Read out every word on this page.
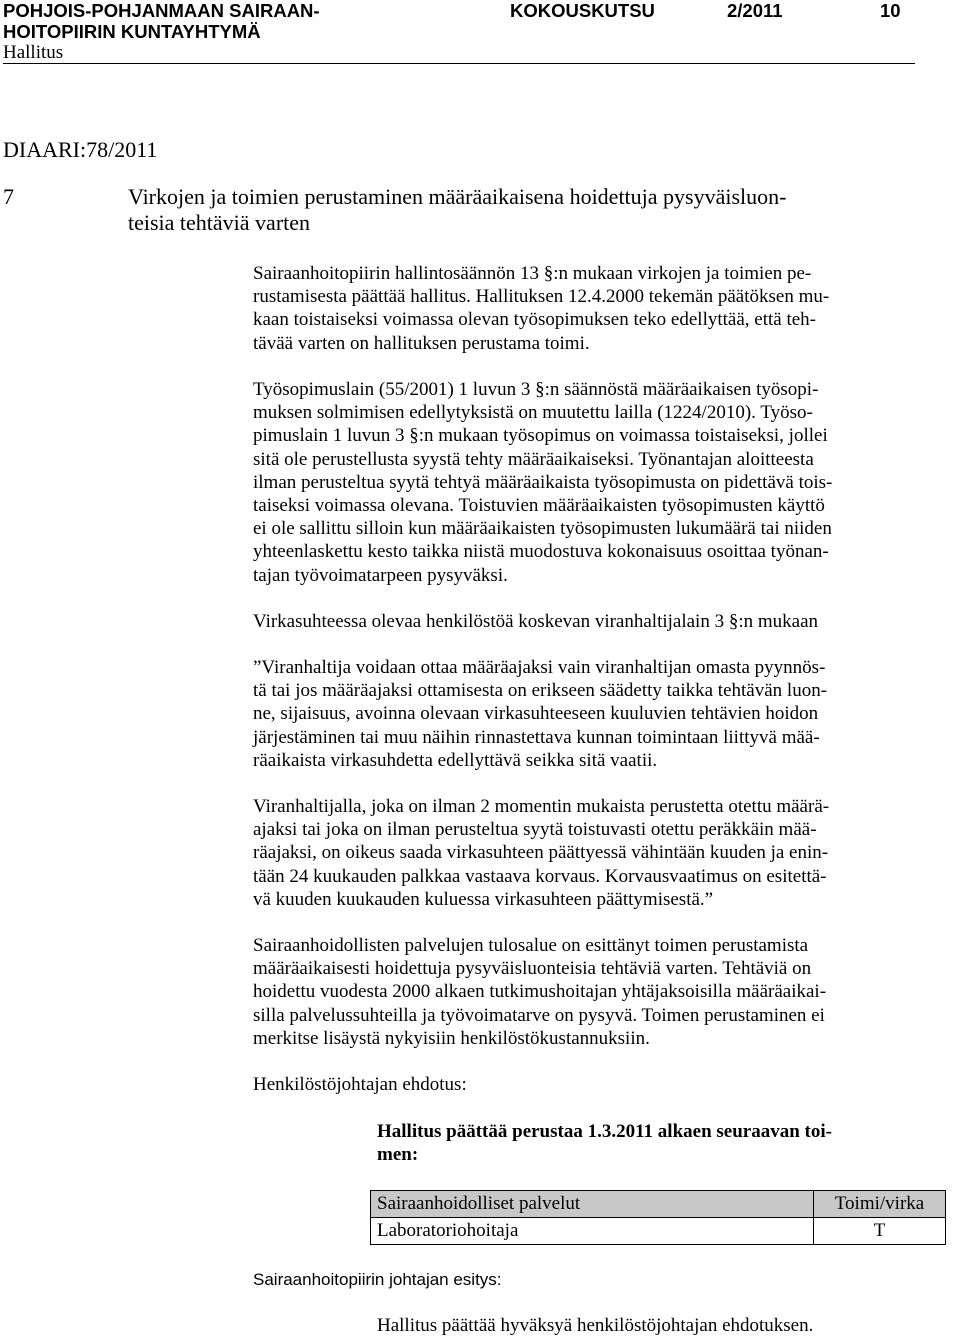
POHJOIS-POHJANMAAN SAIRAAN-
HOITOPIIRIN KUNTAYHTYMÄ
KOKOUSKUTSU	2/2011	10
Hallitus
DIAARI:78/2011
7	Virkojen ja toimien perustaminen määräaikaisena hoidettuja pysyväisluon-
teisia tehtäviä varten
Sairaanhoitopiirin hallintosäännön 13 §:n mukaan virkojen ja toimien pe-
rustamisesta päättää hallitus. Hallituksen 12.4.2000 tekemän päätöksen mu-
kaan toistaiseksi voimassa olevan työsopimuksen teko edellyttää, että teh-
tävää varten on hallituksen perustama toimi.
Työsopimuslain (55/2001) 1 luvun 3 §:n säännöstä määräaikaisen työsopi-
muksen solmimisen edellytyksistä on muutettu lailla (1224/2010). Työso-
pimuslain 1 luvun 3 §:n mukaan työsopimus on voimassa toistaiseksi, jollei
sitä ole perustellusta syystä tehty määräaikaiseksi. Työnantajan aloitteesta
ilman perusteltua syytä tehtyä määräaikaista työsopimusta on pidettävä tois-
taiseksi voimassa olevana. Toistuvien määräaikaisten työsopimusten käyttö
ei ole sallittu silloin kun määräaikaisten työsopimusten lukumäärä tai niiden
yhteenlaskettu kesto taikka niistä muodostuva kokonaisuus osoittaa työnan-
tajan työvoimatarpeen pysyväksi.
Virkasuhteessa olevaa henkilöstöä koskevan viranhaltijalain 3 §:n mukaan
”Viranhaltija voidaan ottaa määräajaksi vain viranhaltijan omasta pyynnös-
tä tai jos määräajaksi ottamisesta on erikseen säädetty taikka tehtävän luon-
ne, sijaisuus, avoinna olevaan virkasuhteeseen kuuluvien tehtävien hoidon
järjestäminen tai muu näihin rinnastettava kunnan toimintaan liittyvä mää-
räaikaista virkasuhdetta edellyttävä seikka sitä vaatii.
Viranhaltijalla, joka on ilman 2 momentin mukaista perustetta otettu määrä-
ajaksi tai joka on ilman perusteltua syytä toistuvasti otettu peräkkäin mää-
räajaksi, on oikeus saada virkasuhteen päättyessä vähintään kuuden ja enin-
tään 24 kuukauden palkkaa vastaava korvaus. Korvausvaatimus on esitettä-
vä kuuden kuukauden kuluessa virkasuhteen päättymisestä.”
Sairaanhoidollisten palvelujen tulosalue on esittänyt toimen perustamista
määräaikaisesti hoidettuja pysyväisluonteisia tehtäviä varten. Tehtäviä on
hoidettu vuodesta 2000 alkaen tutkimushoitajan yhtäjaksoisilla määräaikai-
silla palvelussuhteilla ja työvoimatarve on pysyvä. Toimen perustaminen ei
merkitse lisäystä nykyisiin henkilöstökustannuksiin.
Henkilöstöjohtajan ehdotus:
Hallitus päättää perustaa 1.3.2011 alkaen seuraavan toi-
men:
Sairaanhoidolliset palvelut	Toimi/virka
Laboratoriohoitaja	T
Sairaanhoitopiirin johtajan esitys:
Hallitus päättää hyväksyä henkilöstöjohtajan ehdotuksen.
